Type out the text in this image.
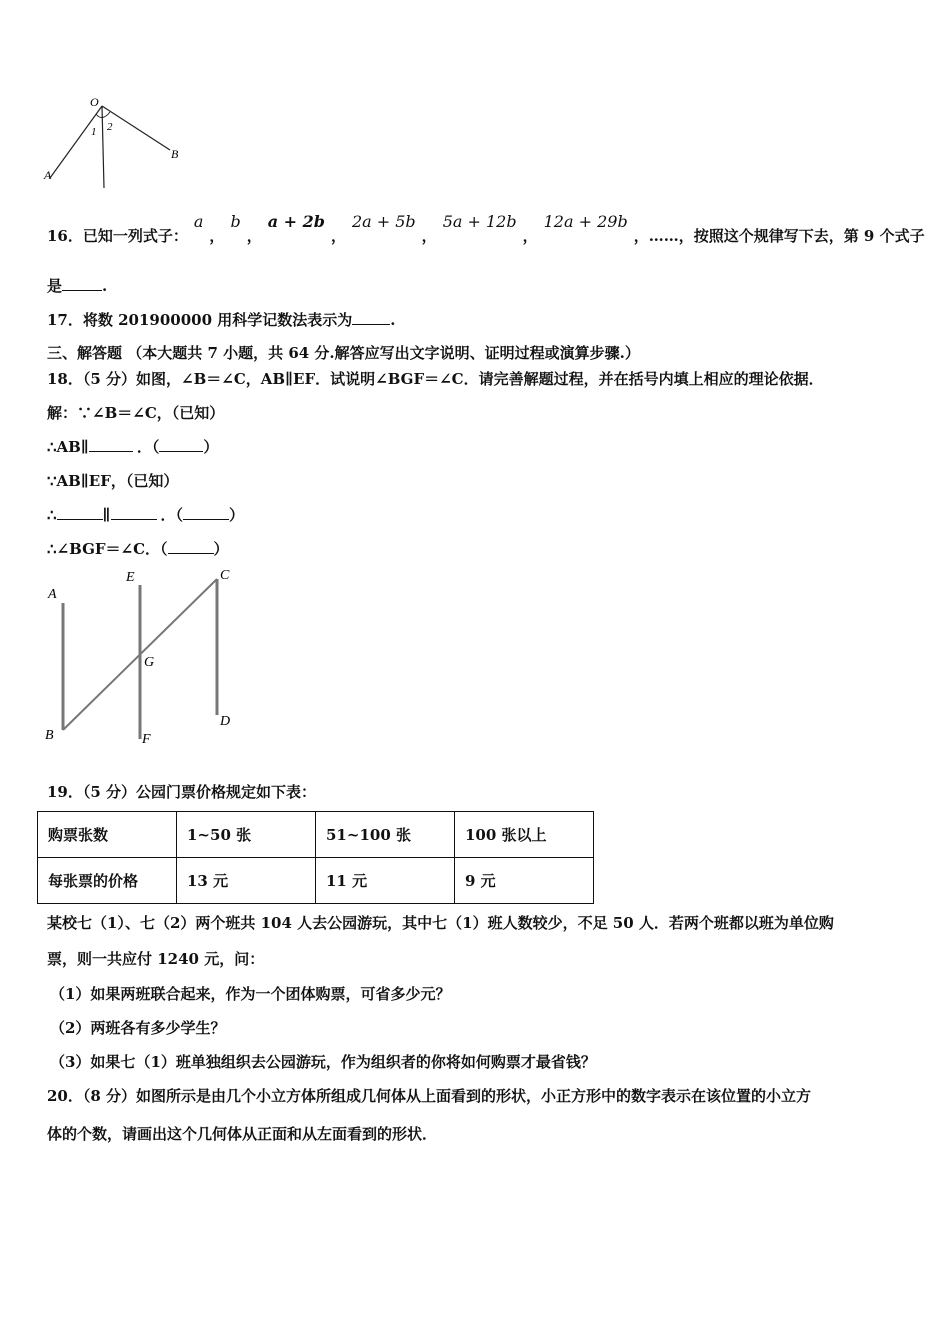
O
1 2
A
B
16．已知一列式子：a，b，a + 2b，2a + 5b，5a + 12b，12a + 29b，……，按照这个规律写下去，第 9 个式子
是	.
17．将数 201900000 用科学记数法表示为	.
三、解答题 （本大题共 7 小题，共 64 分.解答应写出文字说明、证明过程或演算步骤.）
18．（5 分）如图，∠B＝∠C，AB∥EF．试说明∠BGF＝∠C．请完善解题过程，并在括号内填上相应的理论依据．
解：∵∠B＝∠C，（已知）
∴AB∥	．（	）
∵AB∥EF，（已知）
∴	∥	．（	）
∴∠BGF＝∠C．（	）
A
E	C
G
B	F
D
19．（5 分）公园门票价格规定如下表：
购票张数	1~50 张	51~100 张	100 张以上
每张票的价格	13 元	11 元	9 元
某校七（1）、七（2）两个班共 104 人去公园游玩，其中七（1）班人数较少，不足 50 人．若两个班都以班为单位购
票，则一共应付 1240 元，问：
（1）如果两班联合起来，作为一个团体购票，可省多少元？
（2）两班各有多少学生？
（3）如果七（1）班单独组织去公园游玩，作为组织者的你将如何购票才最省钱？
20．（8 分）如图所示是由几个小立方体所组成几何体从上面看到的形状，小正方形中的数字表示在该位置的小立方
体的个数，请画出这个几何体从正面和从左面看到的形状．
